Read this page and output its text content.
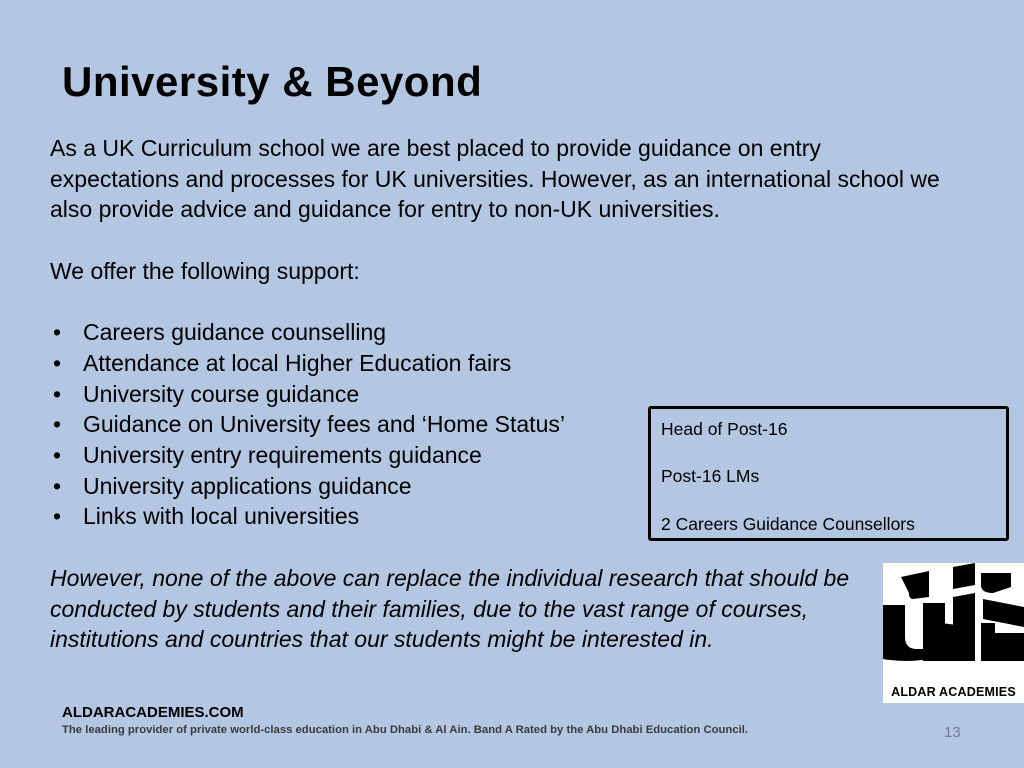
University & Beyond

As a UK Curriculum school we are best placed to provide guidance on entry expectations and processes for UK universities. However, as an international school we also provide advice and guidance for entry to non-UK universities.

We offer the following support:

• Careers guidance counselling
• Attendance at local Higher Education fairs
• University course guidance
• Guidance on University fees and ‘Home Status’
• University entry requirements guidance
• University applications guidance
• Links with local universities
Head of Post-16
Post-16 LMs
2 Careers Guidance Counsellors

However, none of the above can replace the individual research that should be conducted by students and their families, due to the vast range of courses, institutions and countries that our students might be interested in.

ALDAR ACADEMIES
ALDARACADEMIES.COM
The leading provider of private world-class education in Abu Dhabi & Al Ain. Band A Rated by the Abu Dhabi Education Council.	13
